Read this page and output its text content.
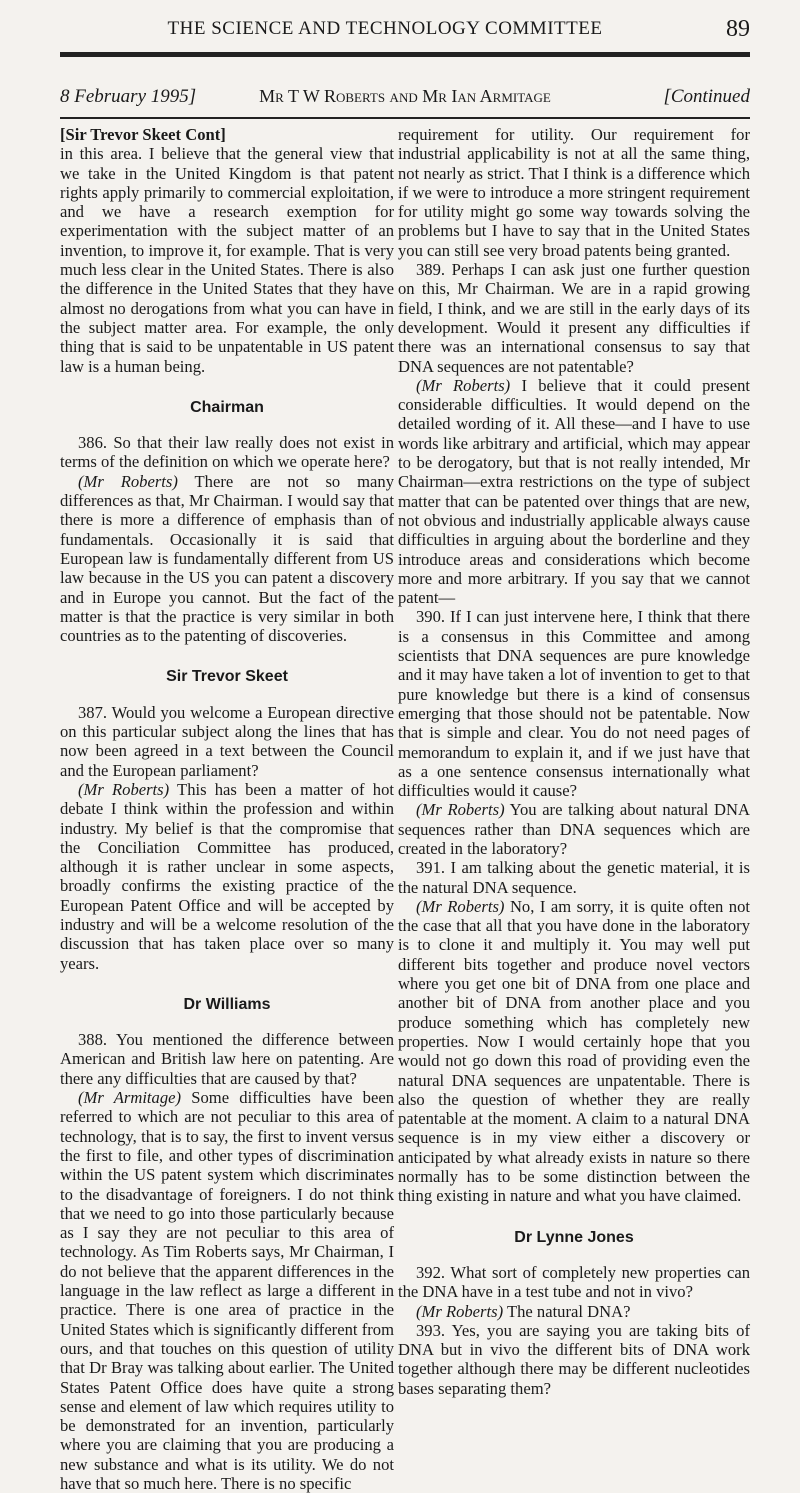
THE SCIENCE AND TECHNOLOGY COMMITTEE	89
8 February 1995]	Mr T W Roberts and Mr Ian Armitage	[Continued

[Sir Trevor Skeet Cont]

in this area. I believe that the general view that we take in the United Kingdom is that patent rights apply primarily to commercial exploitation, and we have a research exemption for experimentation with the subject matter of an invention, to improve it, for example. That is very much less clear in the United States. There is also the difference in the United States that they have almost no derogations from what you can have in the subject matter area. For example, the only thing that is said to be unpatentable in US patent law is a human being.

Chairman

386. So that their law really does not exist in terms of the definition on which we operate here?

(Mr Roberts) There are not so many differences as that, Mr Chairman. I would say that there is more a difference of emphasis than of fundamentals. Occasionally it is said that European law is fundamentally different from US law because in the US you can patent a discovery and in Europe you cannot. But the fact of the matter is that the practice is very similar in both countries as to the patenting of discoveries.

Sir Trevor Skeet

387. Would you welcome a European directive on this particular subject along the lines that has now been agreed in a text between the Council and the European parliament?

(Mr Roberts) This has been a matter of hot debate I think within the profession and within industry. My belief is that the compromise that the Conciliation Committee has produced, although it is rather unclear in some aspects, broadly confirms the existing practice of the European Patent Office and will be accepted by industry and will be a welcome resolution of the discussion that has taken place over so many years.

Dr Williams

388. You mentioned the difference between American and British law here on patenting. Are there any difficulties that are caused by that?

(Mr Armitage) Some difficulties have been referred to which are not peculiar to this area of technology, that is to say, the first to invent versus the first to file, and other types of discrimination within the US patent system which discriminates to the disadvantage of foreigners. I do not think that we need to go into those particularly because as I say they are not peculiar to this area of technology. As Tim Roberts says, Mr Chairman, I do not believe that the apparent differences in the language in the law reflect as large a different in practice. There is one area of practice in the United States which is significantly different from ours, and that touches on this question of utility that Dr Bray was talking about earlier. The United States Patent Office does have quite a strong sense and element of law which requires utility to be demonstrated for an invention, particularly where you are claiming that you are producing a new substance and what is its utility. We do not have that so much here. There is no specific

requirement for utility. Our requirement for industrial applicability is not at all the same thing, not nearly as strict. That I think is a difference which if we were to introduce a more stringent requirement for utility might go some way towards solving the problems but I have to say that in the United States you can still see very broad patents being granted.

389. Perhaps I can ask just one further question on this, Mr Chairman. We are in a rapid growing field, I think, and we are still in the early days of its development. Would it present any difficulties if there was an international consensus to say that DNA sequences are not patentable?

(Mr Roberts) I believe that it could present considerable difficulties. It would depend on the detailed wording of it. All these—and I have to use words like arbitrary and artificial, which may appear to be derogatory, but that is not really intended, Mr Chairman—extra restrictions on the type of subject matter that can be patented over things that are new, not obvious and industrially applicable always cause difficulties in arguing about the borderline and they introduce areas and considerations which become more and more arbitrary. If you say that we cannot patent—

390. If I can just intervene here, I think that there is a consensus in this Committee and among scientists that DNA sequences are pure knowledge and it may have taken a lot of invention to get to that pure knowledge but there is a kind of consensus emerging that those should not be patentable. Now that is simple and clear. You do not need pages of memorandum to explain it, and if we just have that as a one sentence consensus internationally what difficulties would it cause?

(Mr Roberts) You are talking about natural DNA sequences rather than DNA sequences which are created in the laboratory?

391. I am talking about the genetic material, it is the natural DNA sequence.

(Mr Roberts) No, I am sorry, it is quite often not the case that all that you have done in the laboratory is to clone it and multiply it. You may well put different bits together and produce novel vectors where you get one bit of DNA from one place and another bit of DNA from another place and you produce something which has completely new properties. Now I would certainly hope that you would not go down this road of providing even the natural DNA sequences are unpatentable. There is also the question of whether they are really patentable at the moment. A claim to a natural DNA sequence is in my view either a discovery or anticipated by what already exists in nature so there normally has to be some distinction between the thing existing in nature and what you have claimed.

Dr Lynne Jones

392. What sort of completely new properties can the DNA have in a test tube and not in vivo?

(Mr Roberts) The natural DNA?

393. Yes, you are saying you are taking bits of DNA but in vivo the different bits of DNA work together although there may be different nucleotides bases separating them?
